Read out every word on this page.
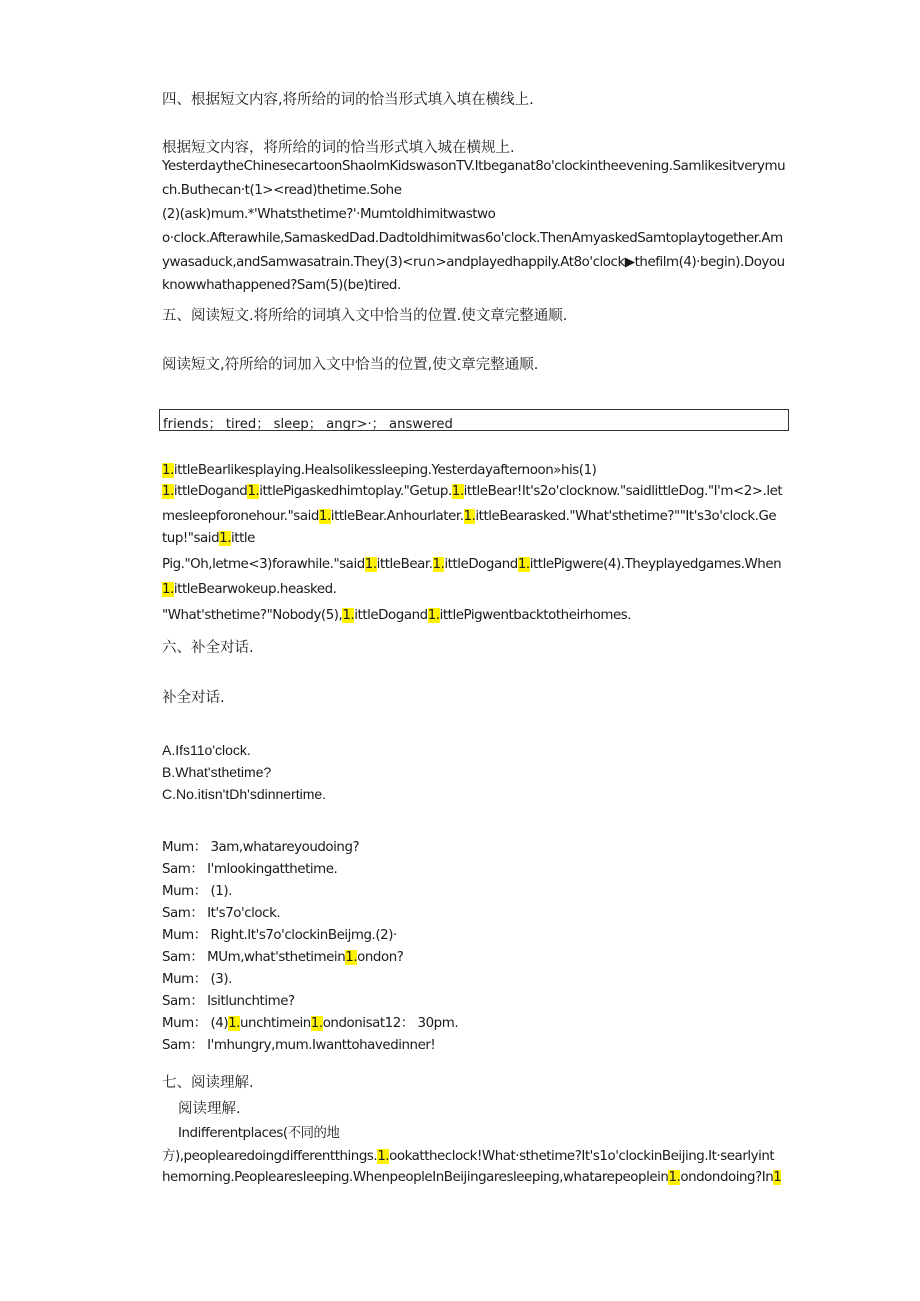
四、根据短文内容,将所给的词的恰当形式填入填在横线上.
根据短文内容，将所给的词的恰当形式填入城在横规上.
YesterdaytheChinesecartoonShaolmKidswasonTV.Itbeganat8o'clockintheevening.Samlikesitverymu
ch.Buthecan·t(1><read)thetime.Sohe
(2)(ask)mum.*'Whatsthetime?'·Mumtoldhimitwastwo
o·clock.Afterawhile,SamaskedDad.Dadtoldhimitwas6o'clock.ThenAmyaskedSamtoplaytogether.Am
ywasaduck,andSamwasatrain.They(3)<ru∩>andplayedhappily.At8o'clock▶thefilm(4)·begin).Doyou
knowwhathappened?Sam(5)(be)tired.
五、阅读短文.将所给的词填入文中恰当的位置.使文章完整通顺.
阅读短文,符所给的词加入文中恰当的位置,使文章完整通顺.
friends； tired； sleep； angr>·； answered
1.ittleBearlikesplaying.Healsolikessleeping.Yesterdayafternoon»his(1)
1.ittleDogand1.ittlePigaskedhimtoplay."Getup.1.ittleBear!It's2o'clocknow."saidlittleDog."I'm<2>.let
mesleepforonehour."said1.ittleBear.Anhourlater.1.ittleBearasked."What'sthetime?""It's3o'clock.Ge
tup!"said1.ittle
Pig."Oh,letme<3)forawhile."said1.ittleBear.1.ittleDogand1.ittlePigwere(4).Theyplayedgames.When
1.ittleBearwokeup.heasked.
"What'sthetime?"Nobody(5),1.ittleDogand1.ittlePigwentbacktotheirhomes.
六、补全对话.
补全对话.
A.Ifs11o'clock.
B.What'sthetime?
C.No.itisn'tDh'sdinnertime.
Mum： 3am,whatareyoudoing?
Sam： I'mlookingatthetime.
Mum： (1).
Sam： It's7o'clock.
Mum： Right.It's7o'clockinBeijmg.(2)·
Sam： MUm,what'sthetimein1.ondon?
Mum： (3).
Sam： Isitlunchtime?
Mum： (4)1.unchtimein1.ondonisat12： 30pm.
Sam： I'mhungry,mum.Iwanttohavedinner!
七、阅读理解.
阅读理解.
Indifferentplaces(不同的地
方),peoplearedoingdifferentthings.1.ookattheclock!What·sthetime?It's1o'clockinBeijing.It·searlyint
hemorning.Peoplearesleeping.WhenpeopleInBeijingaresleeping,whatarepeoplein1.ondondoing?In1
